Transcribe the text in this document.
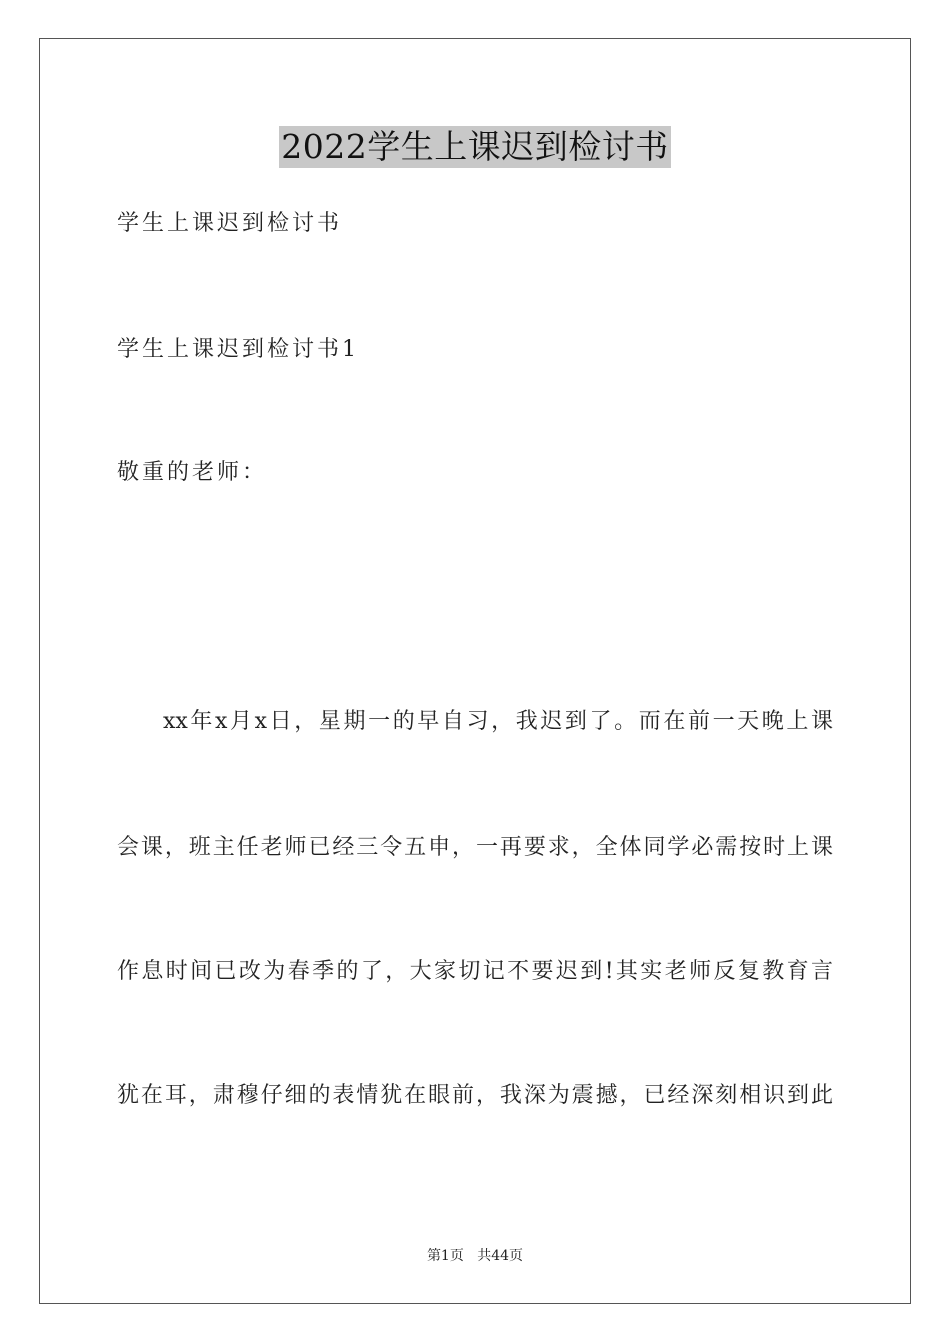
2022学生上课迟到检讨书
学生上课迟到检讨书
学生上课迟到检讨书1
敬重的老师：
xx年x月x日，星期一的早自习，我迟到了。而在前一天晚上课
会课，班主任老师已经三令五申，一再要求，全体同学必需按时上课
作息时间已改为春季的了，大家切记不要迟到!其实老师反复教育言
犹在耳，肃穆仔细的表情犹在眼前，我深为震撼，已经深刻相识到此
第1页 共44页
